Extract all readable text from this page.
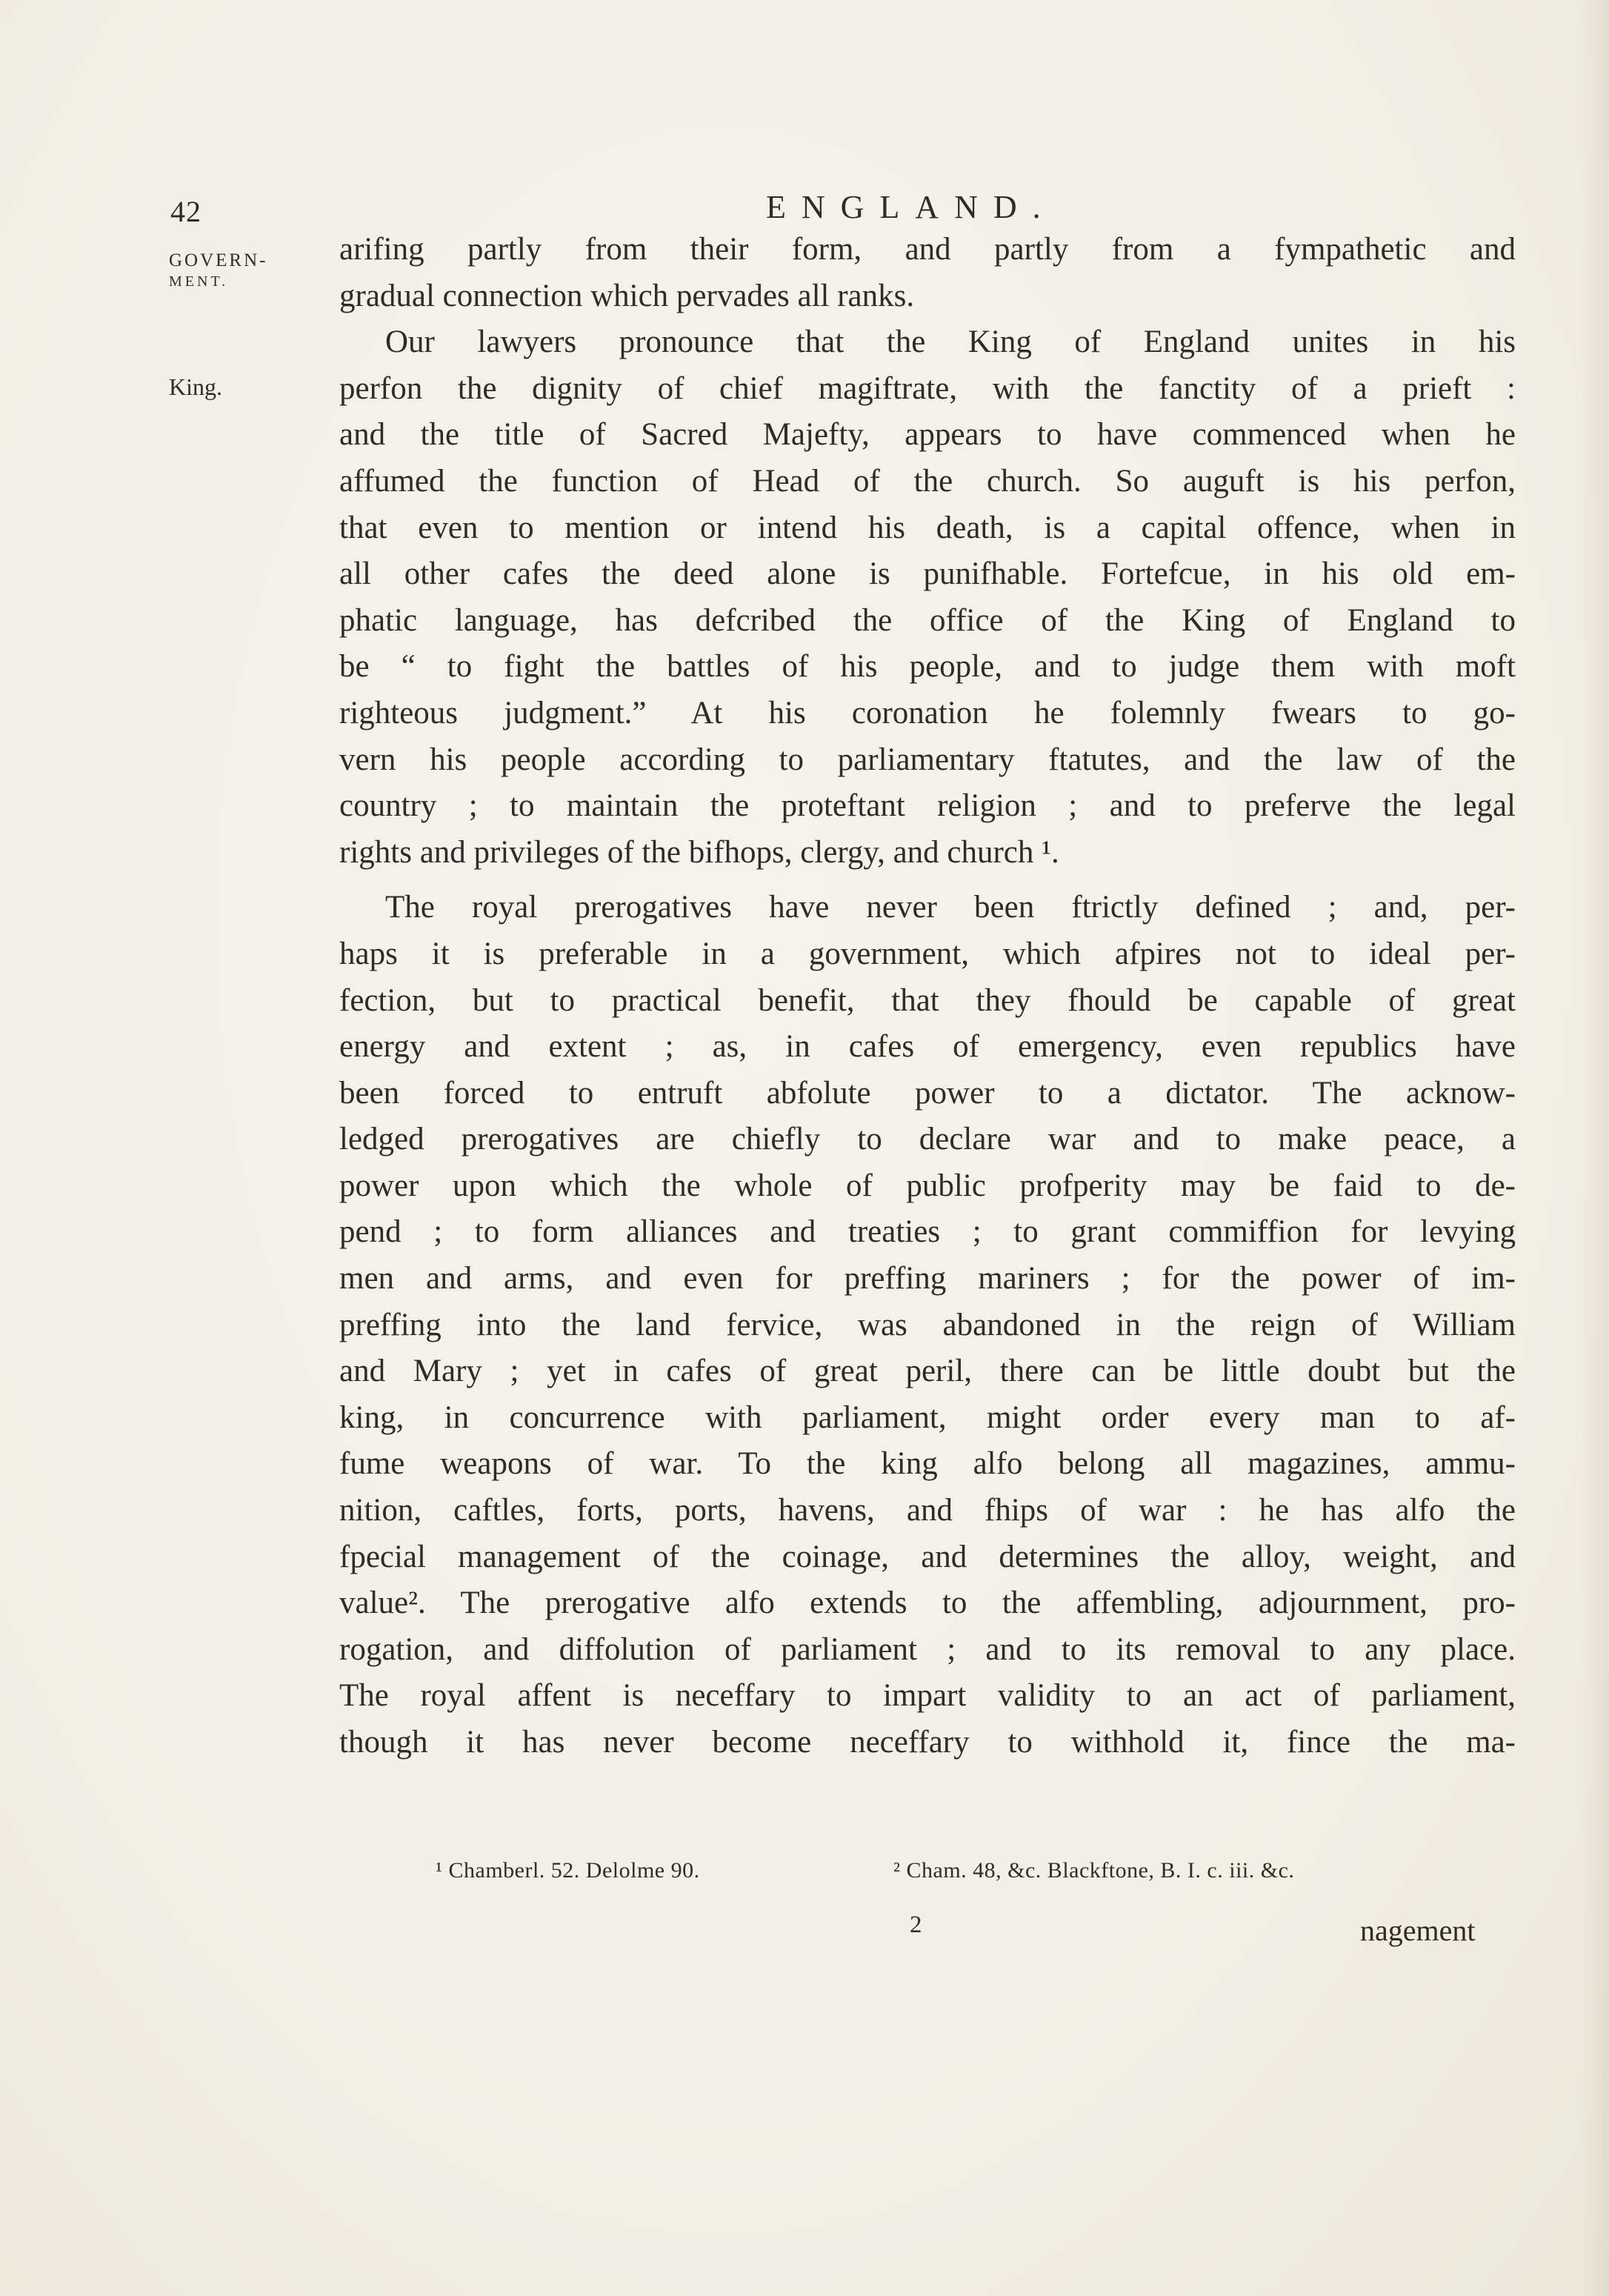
42	ENGLAND.
GOVERN-
MENT.
King.
arifing partly from their form, and partly from a fympathetic and
gradual connection which pervades all ranks.
Our lawyers pronounce that the King of England unites in his
perfon the dignity of chief magiftrate, with the fanctity of a prieft :
and the title of Sacred Majefty, appears to have commenced when he
affumed the function of Head of the church. So auguft is his perfon,
that even to mention or intend his death, is a capital offence, when in
all other cafes the deed alone is punifhable. Fortefcue, in his old em-
phatic language, has defcribed the office of the King of England to
be “ to fight the battles of his people, and to judge them with moft
righteous judgment.” At his coronation he folemnly fwears to go-
vern his people according to parliamentary ftatutes, and the law of the
country ; to maintain the proteftant religion ; and to preferve the legal
rights and privileges of the bifhops, clergy, and church ¹.
The royal prerogatives have never been ftrictly defined ; and, per-
haps it is preferable in a government, which afpires not to ideal per-
fection, but to practical benefit, that they fhould be capable of great
energy and extent ; as, in cafes of emergency, even republics have
been forced to entruft abfolute power to a dictator. The acknow-
ledged prerogatives are chiefly to declare war and to make peace, a
power upon which the whole of public profperity may be faid to de-
pend ; to form alliances and treaties ; to grant commiffion for levying
men and arms, and even for preffing mariners ; for the power of im-
preffing into the land fervice, was abandoned in the reign of William
and Mary ; yet in cafes of great peril, there can be little doubt but the
king, in concurrence with parliament, might order every man to af-
fume weapons of war. To the king alfo belong all magazines, ammu-
nition, caftles, forts, ports, havens, and fhips of war : he has alfo the
fpecial management of the coinage, and determines the alloy, weight, and
value². The prerogative alfo extends to the affembling, adjournment, pro-
rogation, and diffolution of parliament ; and to its removal to any place.
The royal affent is neceffary to impart validity to an act of parliament,
though it has never become neceffary to withhold it, fince the ma-
¹ Chamberl. 52. Delolme 90.	² Cham. 48, &c. Blackftone, B. I. c. iii. &c.
2	nagement
